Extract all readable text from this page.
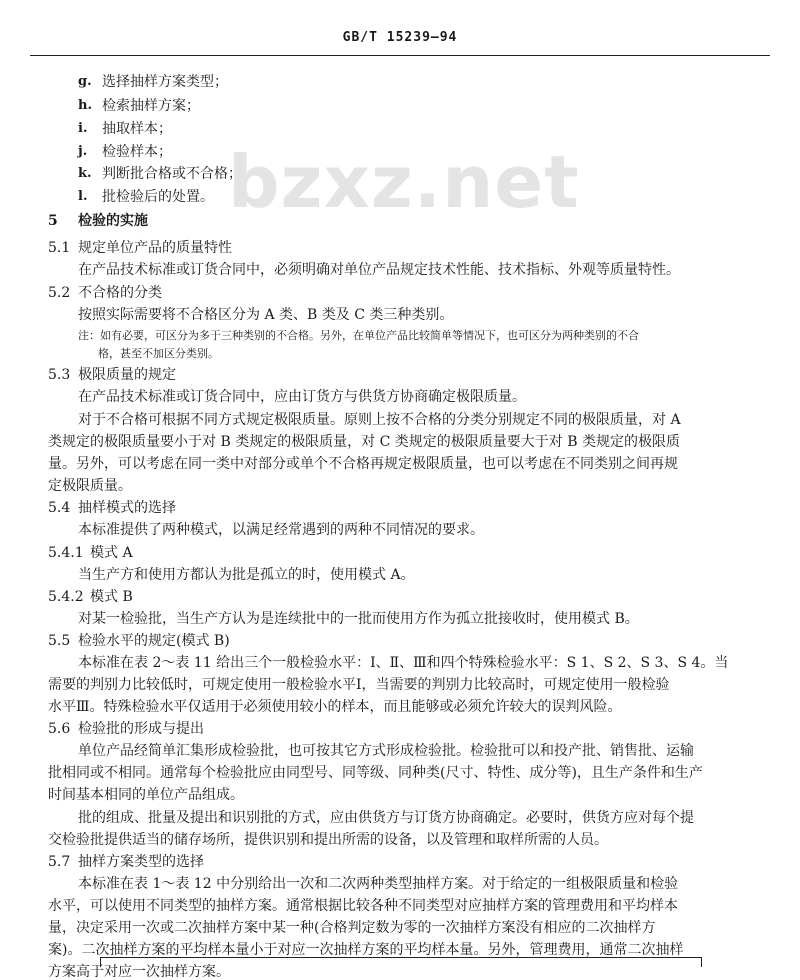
GB/T 15239—94
bzxz.net
g. 选择抽样方案类型；
h. 检索抽样方案；
i. 抽取样本；
j. 检验样本；
k. 判断批合格或不合格；
l. 批检验后的处置。
5 检验的实施
5.1 规定单位产品的质量特性
在产品技术标准或订货合同中，必须明确对单位产品规定技术性能、技术指标、外观等质量特性。
5.2 不合格的分类
按照实际需要将不合格区分为 A 类、B 类及 C 类三种类别。
注：如有必要，可区分为多于三种类别的不合格。另外，在单位产品比较简单等情况下，也可区分为两种类别的不合
格，甚至不加区分类别。
5.3 极限质量的规定
在产品技术标准或订货合同中，应由订货方与供货方协商确定极限质量。
对于不合格可根据不同方式规定极限质量。原则上按不合格的分类分别规定不同的极限质量，对 A
类规定的极限质量要小于对 B 类规定的极限质量，对 C 类规定的极限质量要大于对 B 类规定的极限质
量。另外，可以考虑在同一类中对部分或单个不合格再规定极限质量，也可以考虑在不同类别之间再规
定极限质量。
5.4 抽样模式的选择
本标准提供了两种模式，以满足经常遇到的两种不同情况的要求。
5.4.1 模式 A
当生产方和使用方都认为批是孤立的时，使用模式 A。
5.4.2 模式 B
对某一检验批，当生产方认为是连续批中的一批而使用方作为孤立批接收时，使用模式 B。
5.5 检验水平的规定(模式 B)
本标准在表 2～表 11 给出三个一般检验水平：Ⅰ、Ⅱ、Ⅲ和四个特殊检验水平：S 1、S 2、S 3、S 4。当
需要的判别力比较低时，可规定使用一般检验水平Ⅰ，当需要的判别力比较高时，可规定使用一般检验
水平Ⅲ。特殊检验水平仅适用于必须使用较小的样本，而且能够或必须允许较大的误判风险。
5.6 检验批的形成与提出
单位产品经简单汇集形成检验批，也可按其它方式形成检验批。检验批可以和投产批、销售批、运输
批相同或不相同。通常每个检验批应由同型号、同等级、同种类(尺寸、特性、成分等)，且生产条件和生产
时间基本相同的单位产品组成。
批的组成、批量及提出和识别批的方式，应由供货方与订货方协商确定。必要时，供货方应对每个提
交检验批提供适当的储存场所，提供识别和提出所需的设备，以及管理和取样所需的人员。
5.7 抽样方案类型的选择
本标准在表 1～表 12 中分别给出一次和二次两种类型抽样方案。对于给定的一组极限质量和检验
水平，可以使用不同类型的抽样方案。通常根据比较各种不同类型对应抽样方案的管理费用和平均样本
量，决定采用一次或二次抽样方案中某一种(合格判定数为零的一次抽样方案没有相应的二次抽样方
案)。二次抽样方案的平均样本量小于对应一次抽样方案的平均样本量。另外，管理费用，通常二次抽样
方案高于对应一次抽样方案。
